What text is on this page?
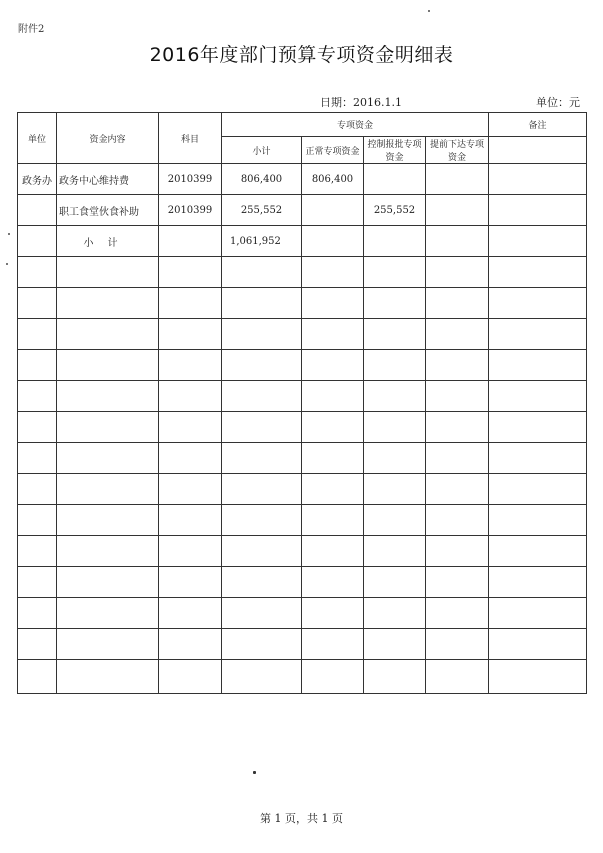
附件2
2016年度部门预算专项资金明细表
日期：2016.1.1	单位：元
单位	资金内容	科目	专项资金				备注
			小计	正常专项资金	控制报批专项资金	提前下达专项资金	
政务办	政务中心维持费	2010399	806,400	806,400			
	职工食堂伙食补助	2010399	255,552		255,552		
	小计		1,061,952				

第 1 页，共 1 页
